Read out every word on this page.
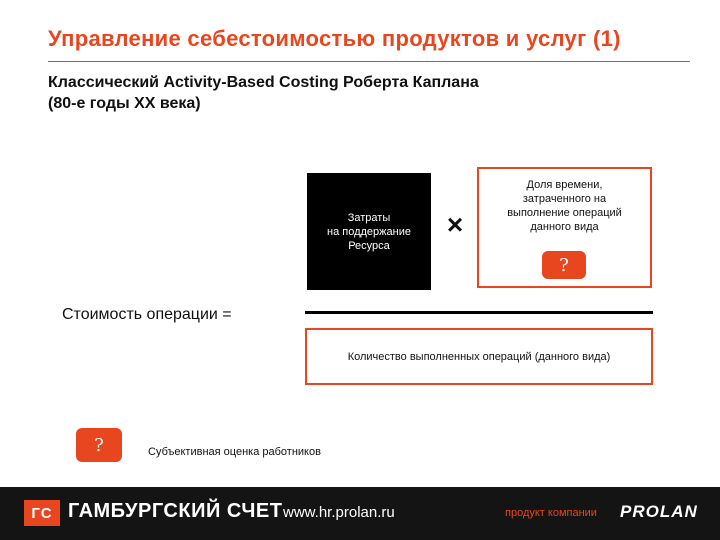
Управление себестоимостью продуктов и услуг (1)
Классический Activity-Based Costing Роберта Каплана
(80-е годы ХХ века)
Затраты
на поддержание
Ресурса
×
Доля времени,
затраченного на
выполнение операций
данного вида
?
Стоимость операции =
Количество выполненных операций (данного вида)
?	Субъективная оценка работников
ГС ГАМБУРГСКИЙ СЧЕТ www.hr.prolan.ru	продукт компании PROLAN
